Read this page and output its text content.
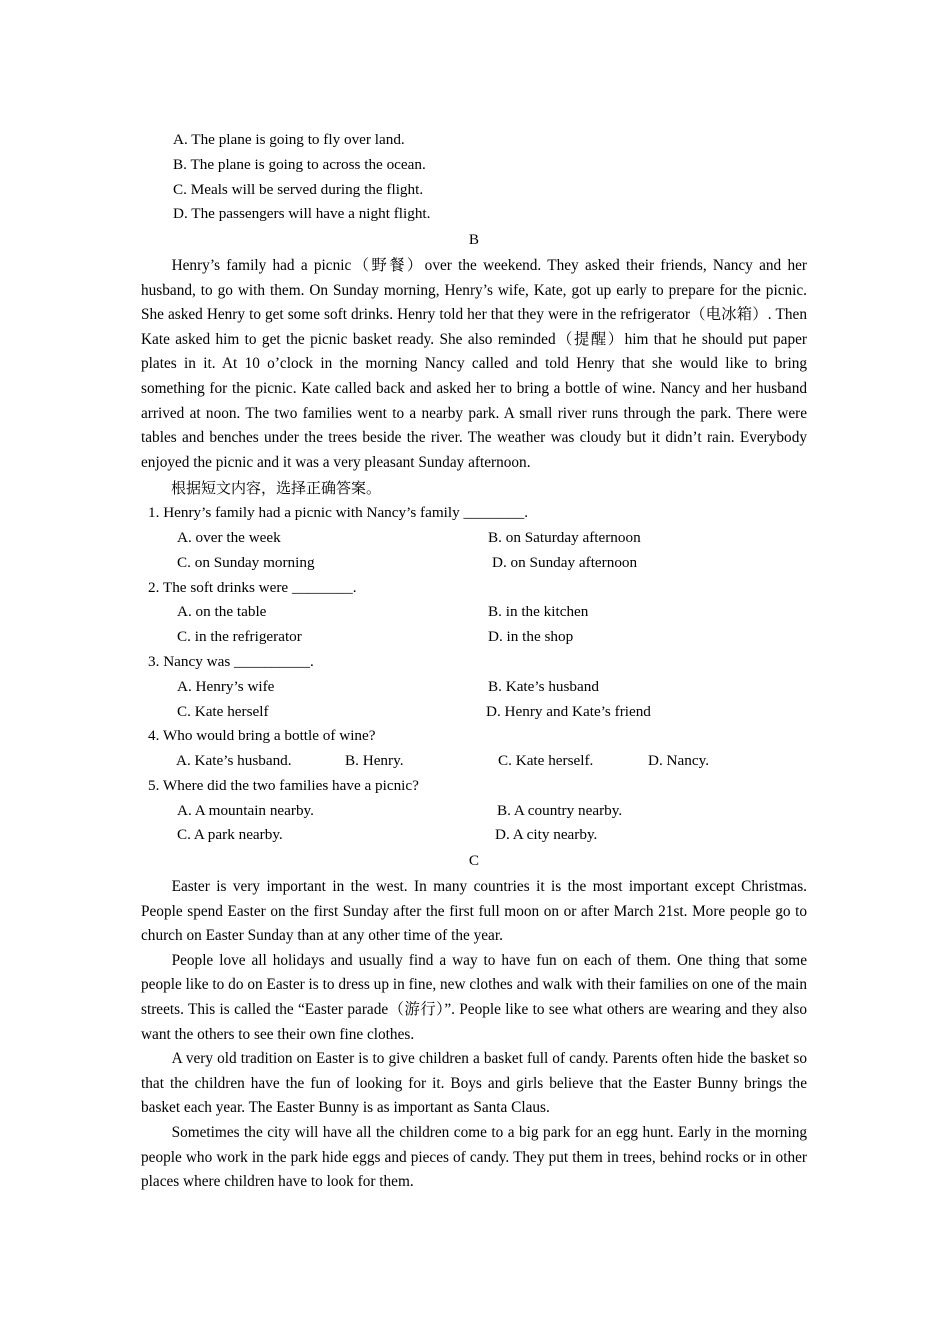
A. The plane is going to fly over land.
B. The plane is going to across the ocean.
C. Meals will be served during the flight.
D. The passengers will have a night flight.
B

Henry’s family had a picnic（野餐）over the weekend. They asked their friends, Nancy and her husband, to go with them. On Sunday morning, Henry’s wife, Kate, got up early to prepare for the picnic. She asked Henry to get some soft drinks. Henry told her that they were in the refrigerator（电冰箱）. Then Kate asked him to get the picnic basket ready. She also reminded（提醒）him that he should put paper plates in it. At 10 o’clock in the morning Nancy called and told Henry that she would like to bring something for the picnic. Kate called back and asked her to bring a bottle of wine. Nancy and her husband arrived at noon. The two families went to a nearby park. A small river runs through the park. There were tables and benches under the trees beside the river. The weather was cloudy but it didn’t rain. Everybody enjoyed the picnic and it was a very pleasant Sunday afternoon.

根据短文内容，选择正确答案。
1. Henry’s family had a picnic with Nancy’s family ________.
A. over the week	B. on Saturday afternoon
C. on Sunday morning	D. on Sunday afternoon
2. The soft drinks were ________.
A. on the table	B. in the kitchen
C. in the refrigerator	D. in the shop
3. Nancy was __________.
A. Henry’s wife	B. Kate’s husband
C. Kate herself	D. Henry and Kate’s friend
4. Who would bring a bottle of wine?
A. Kate’s husband.	B. Henry.	C. Kate herself.	D. Nancy.
5. Where did the two families have a picnic?
A. A mountain nearby.	B. A country nearby.
C. A park nearby.	D. A city nearby.
C

Easter is very important in the west. In many countries it is the most important except Christmas. People spend Easter on the first Sunday after the first full moon on or after March 21st. More people go to church on Easter Sunday than at any other time of the year.

People love all holidays and usually find a way to have fun on each of them. One thing that some people like to do on Easter is to dress up in fine, new clothes and walk with their families on one of the main streets. This is called the “Easter parade（游行）”. People like to see what others are wearing and they also want the others to see their own fine clothes.

A very old tradition on Easter is to give children a basket full of candy. Parents often hide the basket so that the children have the fun of looking for it. Boys and girls believe that the Easter Bunny brings the basket each year. The Easter Bunny is as important as Santa Claus.

Sometimes the city will have all the children come to a big park for an egg hunt. Early in the morning people who work in the park hide eggs and pieces of candy. They put them in trees, behind rocks or in other places where children have to look for them.
